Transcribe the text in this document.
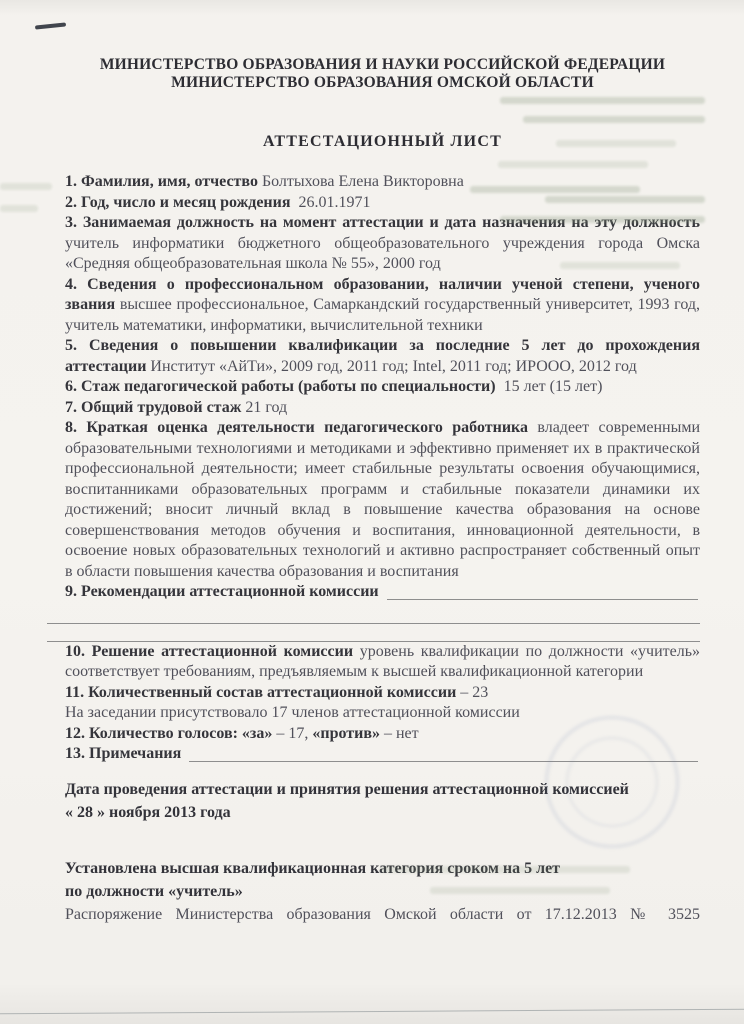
МИНИСТЕРСТВО ОБРАЗОВАНИЯ И НАУКИ РОССИЙСКОЙ ФЕДЕРАЦИИ
МИНИСТЕРСТВО ОБРАЗОВАНИЯ ОМСКОЙ ОБЛАСТИ
АТТЕСТАЦИОННЫЙ ЛИСТ

1. Фамилия, имя, отчество Болтыхова Елена Викторовна

2. Год, число и месяц рождения 26.01.1971

3. Занимаемая должность на момент аттестации и дата назначения на эту должность учитель информатики бюджетного общеобразовательного учреждения города Омска «Средняя общеобразовательная школа № 55», 2000 год

4. Сведения о профессиональном образовании, наличии ученой степени, ученого звания высшее профессиональное, Самаркандский государственный университет, 1993 год, учитель математики, информатики, вычислительной техники

5. Сведения о повышении квалификации за последние 5 лет до прохождения аттестации Институт «АйТи», 2009 год, 2011 год; Intel, 2011 год; ИРООО, 2012 год

6. Стаж педагогической работы (работы по специальности) 15 лет (15 лет)

7. Общий трудовой стаж 21 год

8. Краткая оценка деятельности педагогического работника владеет современными образовательными технологиями и методиками и эффективно применяет их в практической профессиональной деятельности; имеет стабильные результаты освоения обучающимися, воспитанниками образовательных программ и стабильные показатели динамики их достижений; вносит личный вклад в повышение качества образования на основе совершенствования методов обучения и воспитания, инновационной деятельности, в освоение новых образовательных технологий и активно распространяет собственный опыт в области повышения качества образования и воспитания

9. Рекомендации аттестационной комиссии

10. Решение аттестационной комиссии уровень квалификации по должности «учитель» соответствует требованиям, предъявляемым к высшей квалификационной категории

11. Количественный состав аттестационной комиссии – 23

На заседании присутствовало 17 членов аттестационной комиссии

12. Количество голосов: «за» – 17, «против» – нет

13. Примечания

Дата проведения аттестации и принятия решения аттестационной комиссией
« 28 » ноября 2013 года

Установлена высшая квалификационная категория сроком на 5 лет

по должности «учитель»

Распоряжение Министерства образования Омской области от 17.12.2013 № 3525
